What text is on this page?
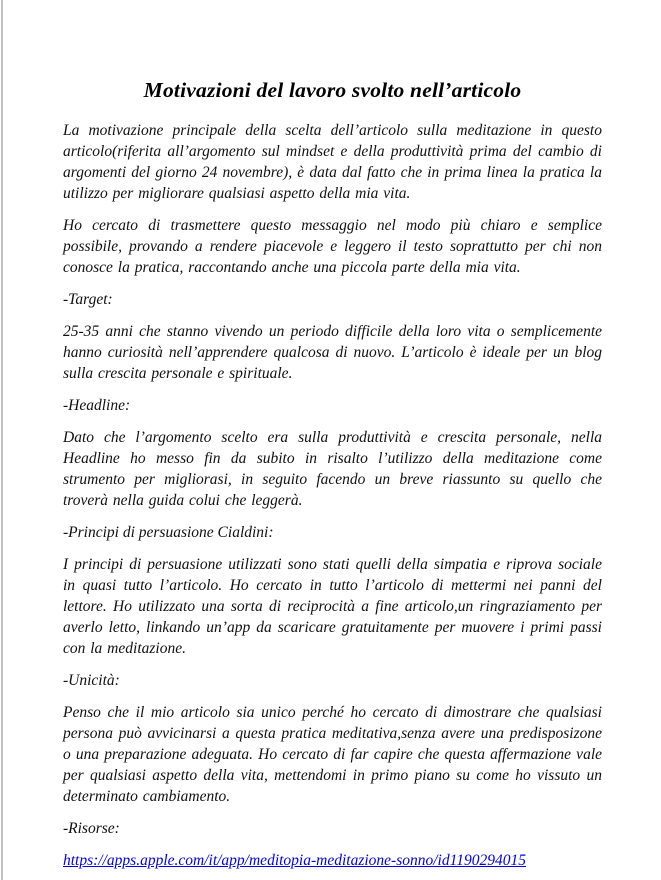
Motivazioni del lavoro svolto nell’articolo

La motivazione principale della scelta dell’articolo sulla meditazione in questo articolo(riferita all’argomento sul mindset e della produttività prima del cambio di argomenti del giorno 24 novembre), è data dal fatto che in prima linea la pratica la utilizzo per migliorare qualsiasi aspetto della mia vita.

Ho cercato di trasmettere questo messaggio nel modo più chiaro e semplice possibile, provando a rendere piacevole e leggero il testo soprattutto per chi non conosce la pratica, raccontando anche una piccola parte della mia vita.

-Target:

25-35 anni che stanno vivendo un periodo difficile della loro vita o semplicemente hanno curiosità nell’apprendere qualcosa di nuovo. L’articolo è ideale per un blog sulla crescita personale e spirituale.

-Headline:

Dato che l’argomento scelto era sulla produttività e crescita personale, nella Headline ho messo fin da subito in risalto l’utilizzo della meditazione come strumento per migliorasi, in seguito facendo un breve riassunto su quello che troverà nella guida colui che leggerà.

-Principi di persuasione Cialdini:

I principi di persuasione utilizzati sono stati quelli della simpatia e riprova sociale in quasi tutto l’articolo. Ho cercato in tutto l’articolo di mettermi nei panni del lettore. Ho utilizzato una sorta di reciprocità a fine articolo,un ringraziamento per averlo letto, linkando un’app da scaricare gratuitamente per muovere i primi passi con la meditazione.

-Unicità:

Penso che il mio articolo sia unico perché ho cercato di dimostrare che qualsiasi persona può avvicinarsi a questa pratica meditativa,senza avere una predisposizone o una preparazione adeguata. Ho cercato di far capire che questa affermazione vale per qualsiasi aspetto della vita, mettendomi in primo piano su come ho vissuto un determinato cambiamento.

-Risorse:

https://apps.apple.com/it/app/meditopia-meditazione-sonno/id1190294015
